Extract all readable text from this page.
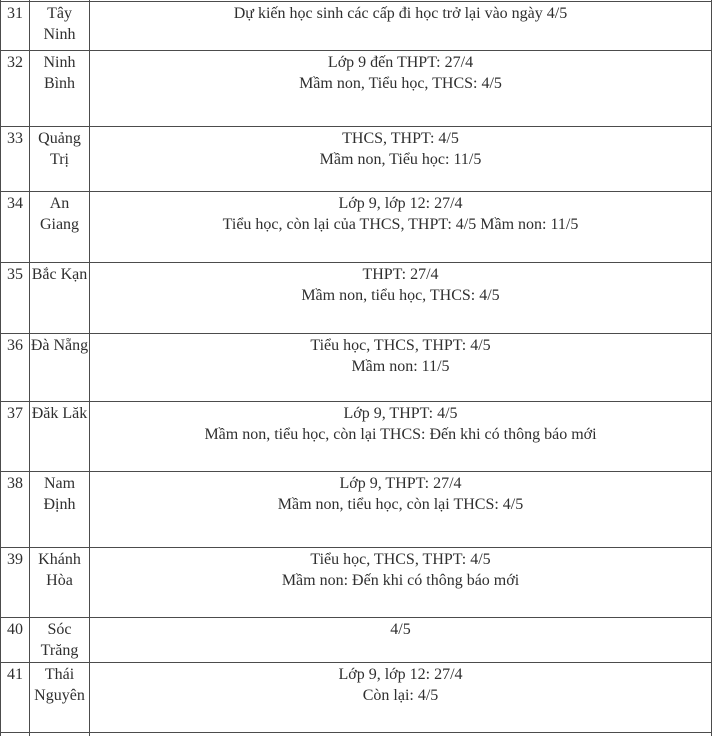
31	Tây Ninh	Dự kiến học sinh các cấp đi học trở lại vào ngày 4/5

32	Ninh Bình	Lớp 9 đến THPT: 27/4
Mầm non, Tiểu học, THCS: 4/5

33	Quảng Trị	THCS, THPT: 4/5
Mầm non, Tiểu học: 11/5

34	An Giang	Lớp 9, lớp 12: 27/4
Tiểu học, còn lại của THCS, THPT: 4/5 Mầm non: 11/5

35	Bắc Kạn	THPT: 27/4
Mầm non, tiểu học, THCS: 4/5

36	Đà Nẵng	Tiểu học, THCS, THPT: 4/5
Mầm non: 11/5

37	Đăk Lăk	Lớp 9, THPT: 4/5
Mầm non, tiểu học, còn lại THCS: Đến khi có thông báo mới

38	Nam Định	Lớp 9, THPT: 27/4
Mầm non, tiểu học, còn lại THCS: 4/5

39	Khánh Hòa	Tiểu học, THCS, THPT: 4/5
Mầm non: Đến khi có thông báo mới

40	Sóc Trăng	4/5

41	Thái Nguyên	Lớp 9, lớp 12: 27/4
Còn lại: 4/5
